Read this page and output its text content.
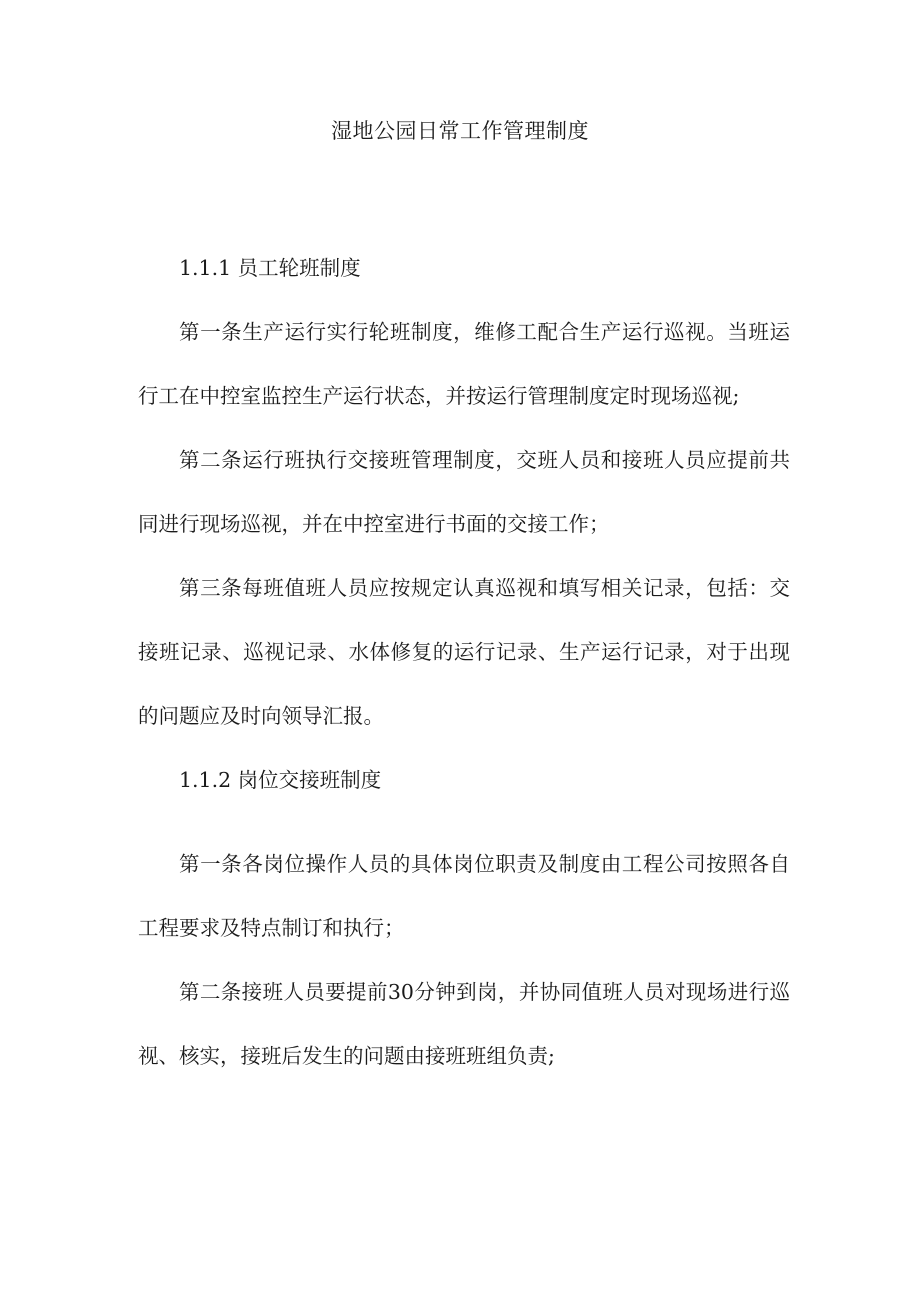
湿地公园日常工作管理制度
1.1.1 员工轮班制度

第一条生产运行实行轮班制度，维修工配合生产运行巡视。当班运行工在中控室监控生产运行状态，并按运行管理制度定时现场巡视;

第二条运行班执行交接班管理制度，交班人员和接班人员应提前共同进行现场巡视，并在中控室进行书面的交接工作；

第三条每班值班人员应按规定认真巡视和填写相关记录，包括：交接班记录、巡视记录、水体修复的运行记录、生产运行记录，对于出现的问题应及时向领导汇报。

1.1.2 岗位交接班制度

第一条各岗位操作人员的具体岗位职责及制度由工程公司按照各自工程要求及特点制订和执行；

第二条接班人员要提前30分钟到岗，并协同值班人员对现场进行巡视、核实，接班后发生的问题由接班班组负责;
